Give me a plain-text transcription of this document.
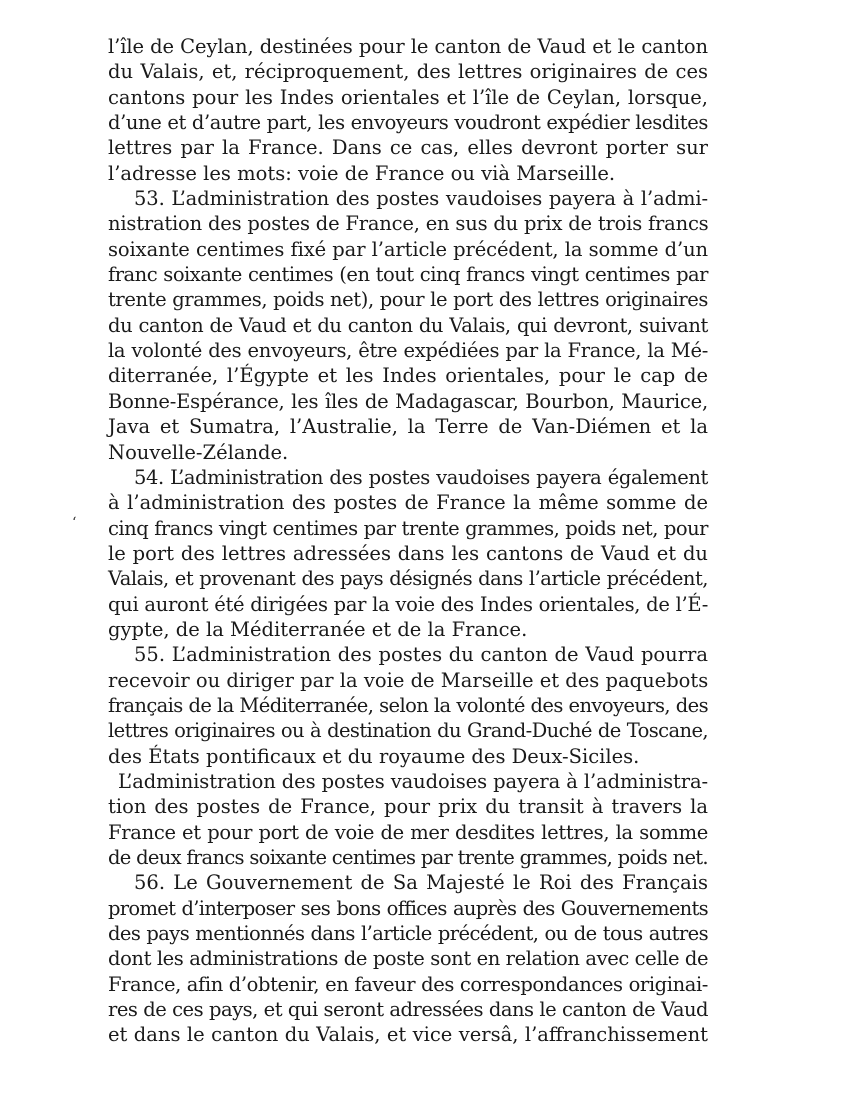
‘
l’île de Ceylan, destinées pour le canton de Vaud et le canton
du Valais, et, réciproquement, des lettres originaires de ces
cantons pour les Indes orientales et l’île de Ceylan, lorsque,
d’une et d’autre part, les envoyeurs voudront expédier lesdites
lettres par la France. Dans ce cas, elles devront porter sur
l’adresse les mots: voie de France ou vià Marseille.
53. L’administration des postes vaudoises payera à l’admi-
nistration des postes de France, en sus du prix de trois francs
soixante centimes fixé par l’article précédent, la somme d’un
franc soixante centimes (en tout cinq francs vingt centimes par
trente grammes, poids net), pour le port des lettres originaires
du canton de Vaud et du canton du Valais, qui devront, suivant
la volonté des envoyeurs, être expédiées par la France, la Mé-
diterranée, l’Égypte et les Indes orientales, pour le cap de
Bonne-Espérance, les îles de Madagascar, Bourbon, Maurice,
Java et Sumatra, l’Australie, la Terre de Van-Diémen et la
Nouvelle-Zélande.
54. L’administration des postes vaudoises payera également
à l’administration des postes de France la même somme de
cinq francs vingt centimes par trente grammes, poids net, pour
le port des lettres adressées dans les cantons de Vaud et du
Valais, et provenant des pays désignés dans l’article précédent,
qui auront été dirigées par la voie des Indes orientales, de l’É-
gypte, de la Méditerranée et de la France.
55. L’administration des postes du canton de Vaud pourra
recevoir ou diriger par la voie de Marseille et des paquebots
français de la Méditerranée, selon la volonté des envoyeurs, des
lettres originaires ou à destination du Grand-Duché de Toscane,
des États pontificaux et du royaume des Deux-Siciles.
L’administration des postes vaudoises payera à l’administra-
tion des postes de France, pour prix du transit à travers la
France et pour port de voie de mer desdites lettres, la somme
de deux francs soixante centimes par trente grammes, poids net.
56. Le Gouvernement de Sa Majesté le Roi des Français
promet d’interposer ses bons offices auprès des Gouvernements
des pays mentionnés dans l’article précédent, ou de tous autres
dont les administrations de poste sont en relation avec celle de
France, afin d’obtenir, en faveur des correspondances originai-
res de ces pays, et qui seront adressées dans le canton de Vaud
et dans le canton du Valais, et vice versâ, l’affranchissement
